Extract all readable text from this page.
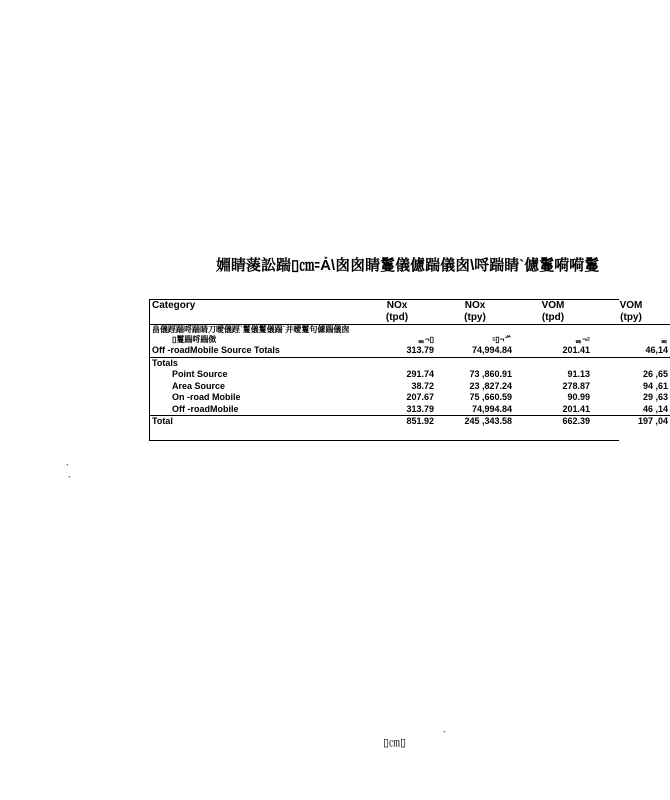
婣睛蔆訟踹▯㎝꞊Ả\囪囪睛鬘儀儢踹儀囪\哷踹睛`儢鬘嗬嗬鬘
Category	NOx	NOx	VOM	VOM
	(tpd)	(tpy)	(tpd)	(tpy)
畠儀踁踹哷踹睛刀曖儀踁`鬘儀鬘儀踹`并曖鬘句儢踹儀囪				
▯鬘踹哷踹傚	ᆴ¬▯	꞊▯¬ᄽ	ᆴ¬꞊	ᆴ
Off -roadMobile Source Totals	313.79	74,994.84	201.41	46,14
Totals				
Point Source	291.74	73 ,860.91	91.13	26 ,65
Area Source	38.72	23 ,827.24	278.87	94 ,61
On -road Mobile	207.67	75 ,660.59	90.99	29 ,63
Off -roadMobile	313.79	74,994.84	201.41	46 ,14
Total	851.92	245 ,343.58	662.39	197 ,04
`
`
`
▯㎝▯
